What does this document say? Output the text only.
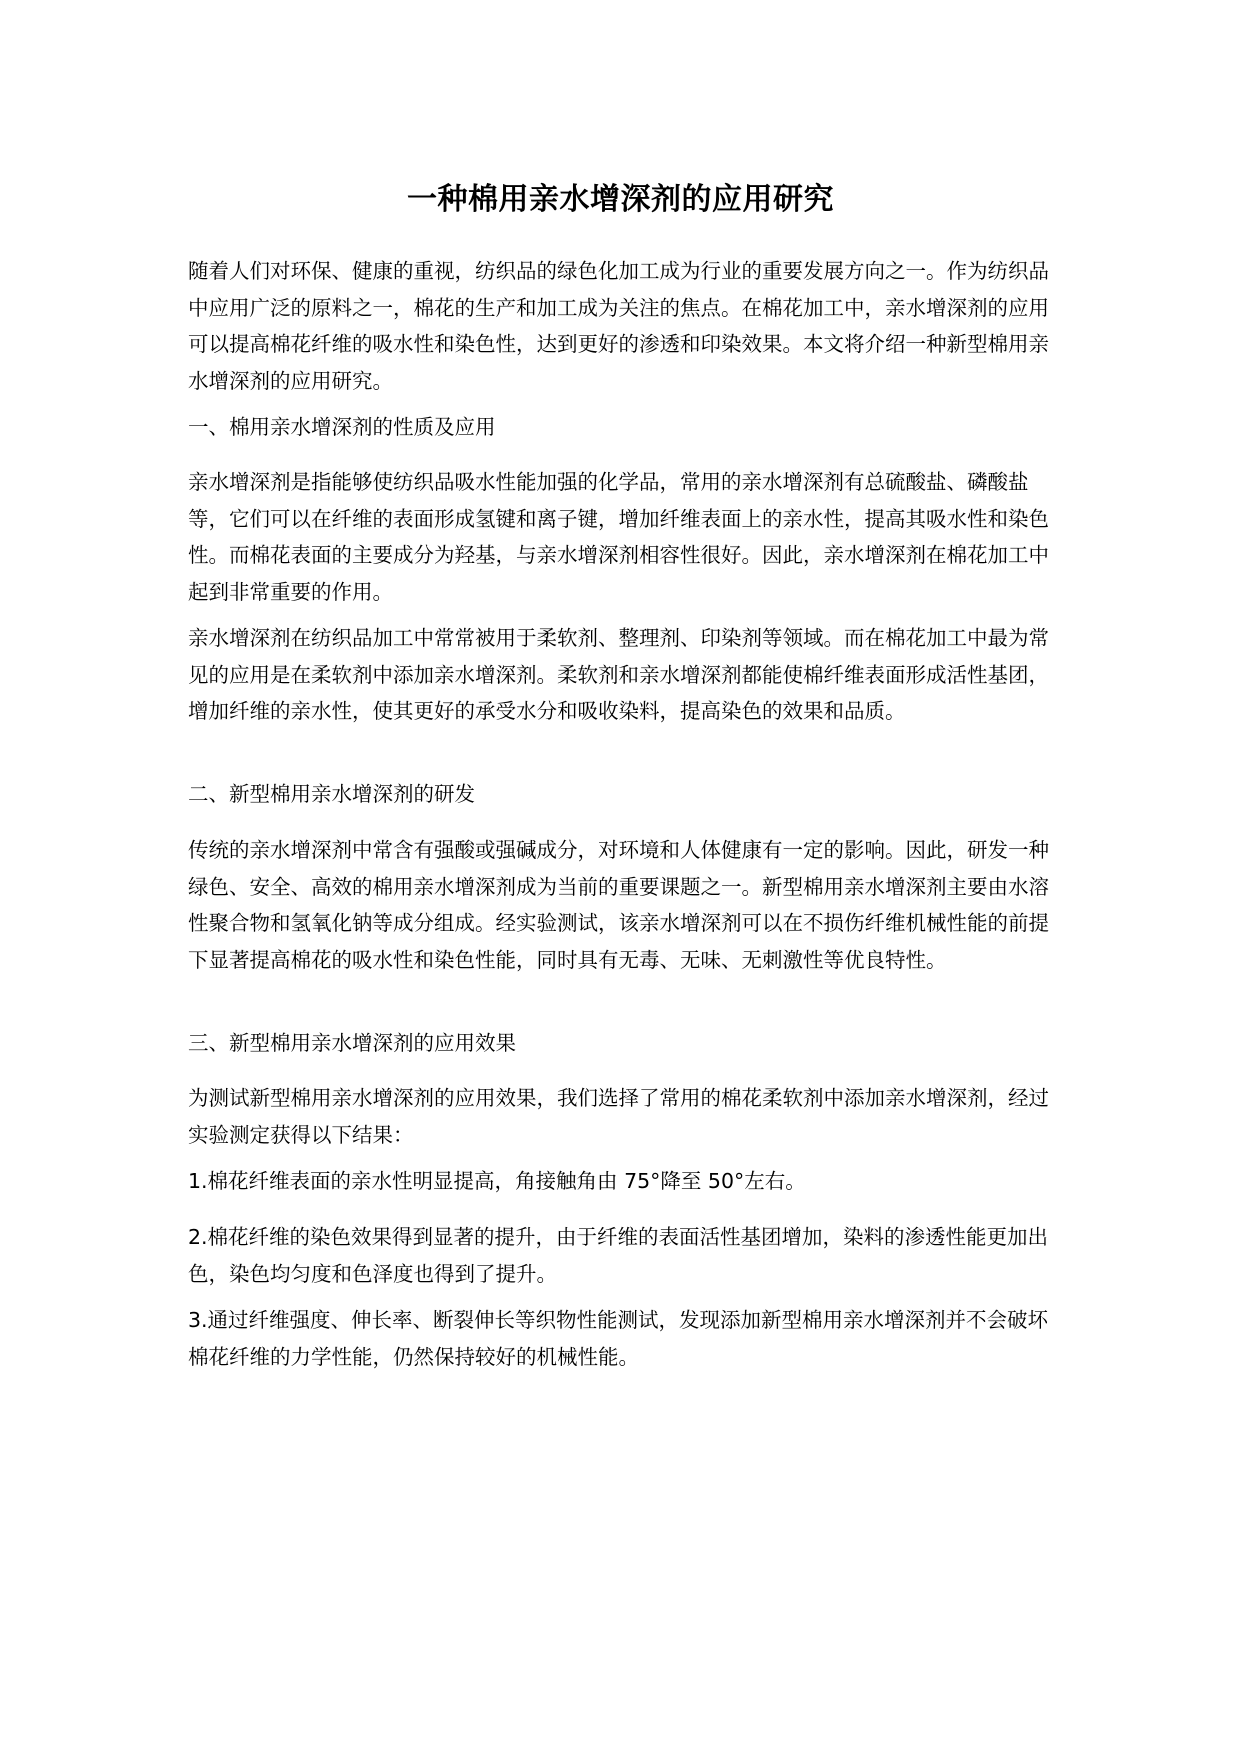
一种棉用亲水增深剂的应用研究

随着人们对环保、健康的重视，纺织品的绿色化加工成为行业的重要发展方向之一。作为纺织品中应用广泛的原料之一，棉花的生产和加工成为关注的焦点。在棉花加工中，亲水增深剂的应用可以提高棉花纤维的吸水性和染色性，达到更好的渗透和印染效果。本文将介绍一种新型棉用亲水增深剂的应用研究。

一、棉用亲水增深剂的性质及应用

亲水增深剂是指能够使纺织品吸水性能加强的化学品，常用的亲水增深剂有总硫酸盐、磷酸盐等，它们可以在纤维的表面形成氢键和离子键，增加纤维表面上的亲水性，提高其吸水性和染色性。而棉花表面的主要成分为羟基，与亲水增深剂相容性很好。因此，亲水增深剂在棉花加工中起到非常重要的作用。

亲水增深剂在纺织品加工中常常被用于柔软剂、整理剂、印染剂等领域。而在棉花加工中最为常见的应用是在柔软剂中添加亲水增深剂。柔软剂和亲水增深剂都能使棉纤维表面形成活性基团，增加纤维的亲水性，使其更好的承受水分和吸收染料，提高染色的效果和品质。

二、新型棉用亲水增深剂的研发

传统的亲水增深剂中常含有强酸或强碱成分，对环境和人体健康有一定的影响。因此，研发一种绿色、安全、高效的棉用亲水增深剂成为当前的重要课题之一。新型棉用亲水增深剂主要由水溶性聚合物和氢氧化钠等成分组成。经实验测试，该亲水增深剂可以在不损伤纤维机械性能的前提下显著提高棉花的吸水性和染色性能，同时具有无毒、无味、无刺激性等优良特性。

三、新型棉用亲水增深剂的应用效果

为测试新型棉用亲水增深剂的应用效果，我们选择了常用的棉花柔软剂中添加亲水增深剂，经过实验测定获得以下结果：

1.棉花纤维表面的亲水性明显提高，角接触角由 75°降至 50°左右。

2.棉花纤维的染色效果得到显著的提升，由于纤维的表面活性基团增加，染料的渗透性能更加出色，染色均匀度和色泽度也得到了提升。

3.通过纤维强度、伸长率、断裂伸长等织物性能测试，发现添加新型棉用亲水增深剂并不会破坏棉花纤维的力学性能，仍然保持较好的机械性能。
